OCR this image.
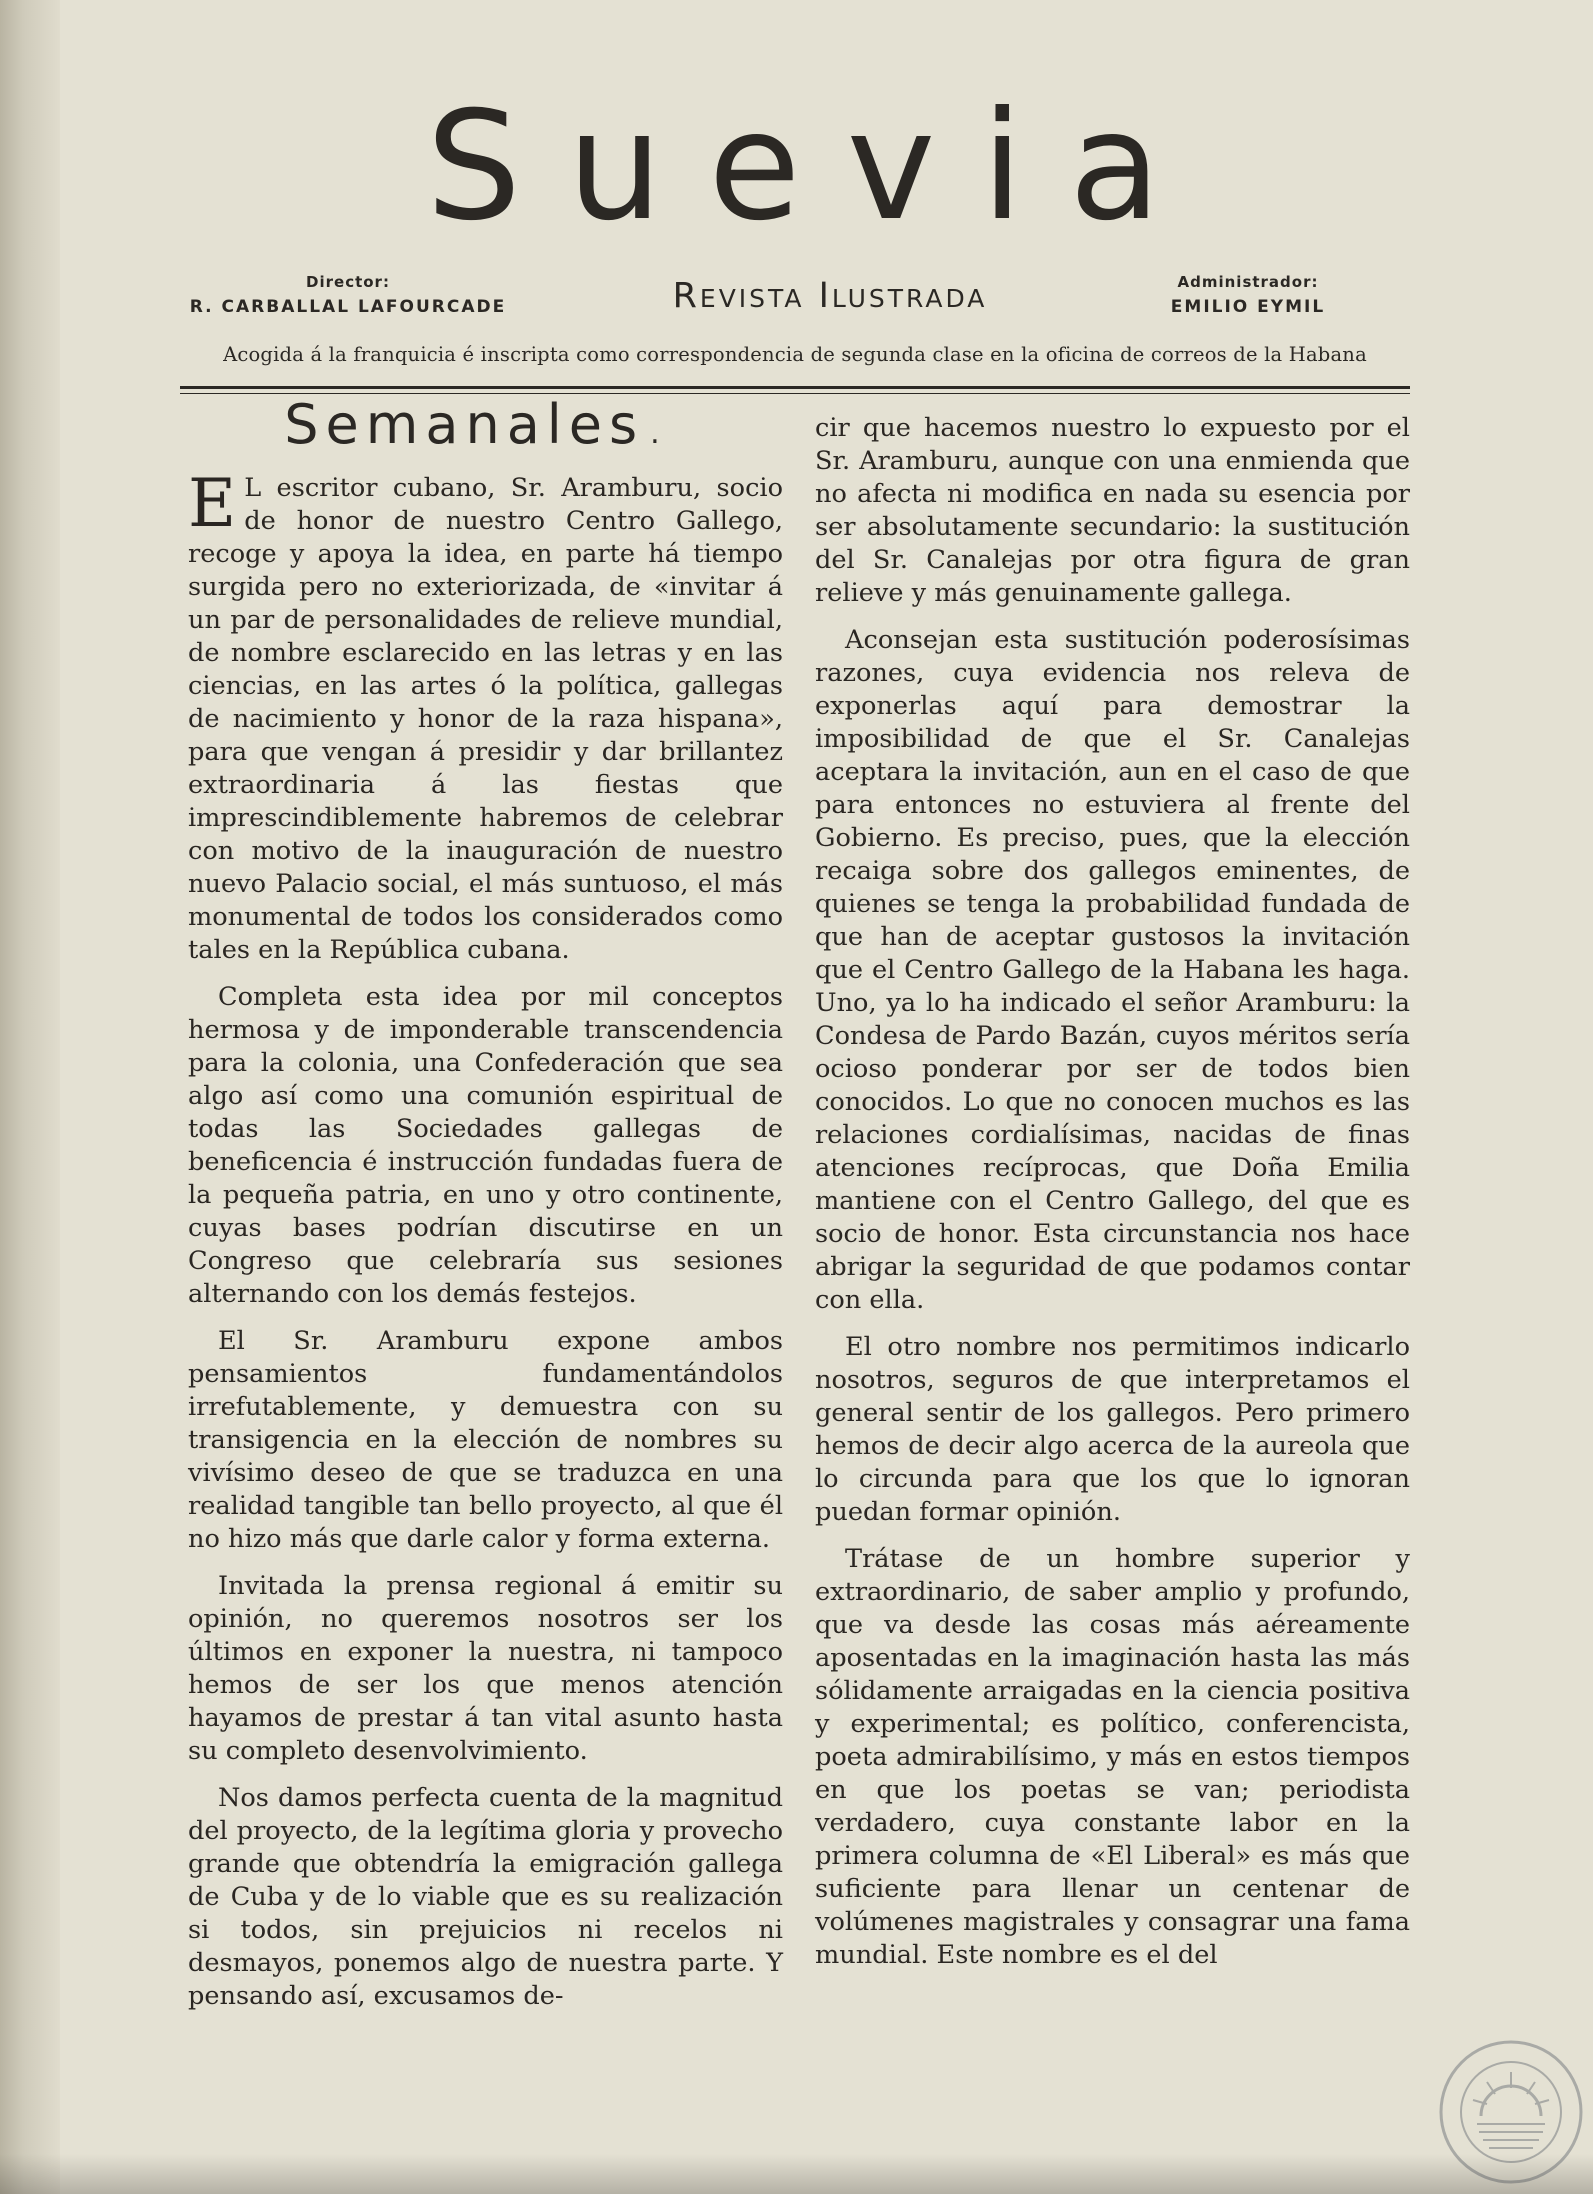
Suevia
Director:
R. CARBALLAL LAFOURCADE	Revista Ilustrada	Administrador:
EMILIO EYMIL
Acogida á la franquicia é inscripta como correspondencia de segunda clase en la oficina de correos de la Habana
Semanales .

E L escritor cubano, Sr. Aramburu, socio de honor de nuestro Centro Gallego, recoge y apoya la idea, en parte há tiempo surgida pero no exteriorizada, de «invitar á un par de personalidades de relieve mundial, de nombre esclarecido en las letras y en las ciencias, en las artes ó la política, gallegas de nacimiento y honor de la raza hispana», para que vengan á presidir y dar brillantez extraordinaria á las fiestas que imprescindiblemente habremos de celebrar con motivo de la inauguración de nuestro nuevo Palacio social, el más suntuoso, el más monumental de todos los considerados como tales en la República cubana.

Completa esta idea por mil conceptos hermosa y de imponderable transcendencia para la colonia, una Confederación que sea algo así como una comunión espiritual de todas las Sociedades gallegas de beneficencia é instrucción fundadas fuera de la pequeña patria, en uno y otro continente, cuyas bases podrían discutirse en un Congreso que celebraría sus sesiones alternando con los demás festejos.

El Sr. Aramburu expone ambos pensamientos fundamentándolos irrefutablemente, y demuestra con su transigencia en la elección de nombres su vivísimo deseo de que se traduzca en una realidad tangible tan bello proyecto, al que él no hizo más que darle calor y forma externa.

Invitada la prensa regional á emitir su opinión, no queremos nosotros ser los últimos en exponer la nuestra, ni tampoco hemos de ser los que menos atención hayamos de prestar á tan vital asunto hasta su completo desenvolvimiento.

Nos damos perfecta cuenta de la magnitud del proyecto, de la legítima gloria y provecho grande que obtendría la emigración gallega de Cuba y de lo viable que es su realización si todos, sin prejuicios ni recelos ni desmayos, ponemos algo de nuestra parte. Y pensando así, excusamos de-

cir que hacemos nuestro lo expuesto por el Sr. Aramburu, aunque con una enmienda que no afecta ni modifica en nada su esencia por ser absolutamente secundario: la sustitución del Sr. Canalejas por otra figura de gran relieve y más genuinamente gallega.

Aconsejan esta sustitución poderosísimas razones, cuya evidencia nos releva de exponerlas aquí para demostrar la imposibilidad de que el Sr. Canalejas aceptara la invitación, aun en el caso de que para entonces no estuviera al frente del Gobierno. Es preciso, pues, que la elección recaiga sobre dos gallegos eminentes, de quienes se tenga la probabilidad fundada de que han de aceptar gustosos la invitación que el Centro Gallego de la Habana les haga. Uno, ya lo ha indicado el señor Aramburu: la Condesa de Pardo Bazán, cuyos méritos sería ocioso ponderar por ser de todos bien conocidos. Lo que no conocen muchos es las relaciones cordialísimas, nacidas de finas atenciones recíprocas, que Doña Emilia mantiene con el Centro Gallego, del que es socio de honor. Esta circunstancia nos hace abrigar la seguridad de que podamos contar con ella.

El otro nombre nos permitimos indicarlo nosotros, seguros de que interpretamos el general sentir de los gallegos. Pero primero hemos de decir algo acerca de la aureola que lo circunda para que los que lo ignoran puedan formar opinión.

Trátase de un hombre superior y extraordinario, de saber amplio y profundo, que va desde las cosas más aéreamente aposentadas en la imaginación hasta las más sólidamente arraigadas en la ciencia positiva y experimental; es político, conferencista, poeta admirabilísimo, y más en estos tiempos en que los poetas se van; periodista verdadero, cuya constante labor en la primera columna de «El Liberal» es más que suficiente para llenar un centenar de volúmenes magistrales y consagrar una fama mundial. Este nombre es el del
